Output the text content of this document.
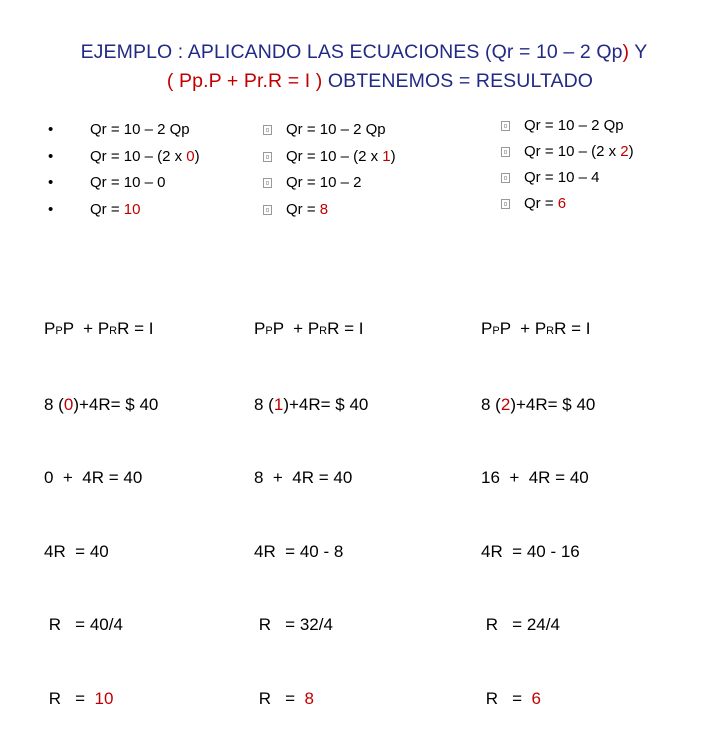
EJEMPLO : APLICANDO LAS ECUACIONES (Qr = 10 – 2 Qp) Y
( Pp.P + Pr.R = I ) OBTENEMOS = RESULTADO
• Qr = 10 – 2 Qp
• Qr = 10 – (2 x 0)
• Qr = 10 – 0
• Qr = 10
Qr = 10 – 2 Qp
Qr = 10 – (2 x 1)
Qr = 10 – 2
Qr = 8
Qr = 10 – 2 Qp
Qr = 10 – (2 x 2)
Qr = 10 – 4
Qr = 6

PPP  + PRR = I

8 (0)+4R= $ 40

0  +  4R = 40

4R  = 40

R   = 40/4

R   =  10

PPP  + PRR = I

8 (1)+4R= $ 40

8  +  4R = 40

4R  = 40 - 8

R   = 32/4

R   =  8

PPP  + PRR = I

8 (2)+4R= $ 40

16  +  4R = 40

4R  = 40 - 16

R   = 24/4

R   =  6
